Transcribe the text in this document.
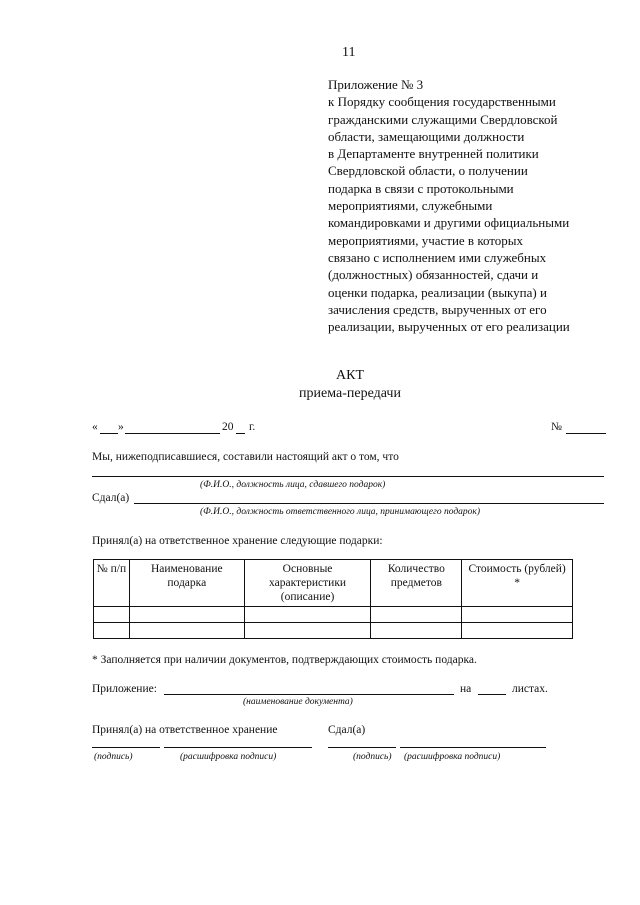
11
Приложение № 3
к Порядку сообщения государственными
гражданскими служащими Свердловской
области, замещающими должности
в Департаменте внутренней политики
Свердловской области, о получении
подарка в связи с протокольными
мероприятиями, служебными
командировками и другими официальными
мероприятиями, участие в которых
связано с исполнением ими служебных
(должностных) обязанностей, сдачи и
оценки подарка, реализации (выкупа) и
зачисления средств, вырученных от его
реализации, вырученных от его реализации
АКТ
приема-передачи
« »	20 г.	№
Мы, нижеподписавшиеся, составили настоящий акт о том, что
(Ф.И.О., должность лица, сдавшего подарок)
Сдал(а)
(Ф.И.О., должность ответственного лица, принимающего подарок)
Принял(а) на ответственное хранение следующие подарки:
№ п/п	Наименование подарка	Основные характеристики (описание)	Количество предметов	Стоимость (рублей) *

* Заполняется при наличии документов, подтверждающих стоимость подарка.
Приложение:	на	листах.
(наименование документа)
Принял(а) на ответственное хранение	Сдал(а)
(подпись)	(расшифровка подписи)	(подпись) (расшифровка подписи)
